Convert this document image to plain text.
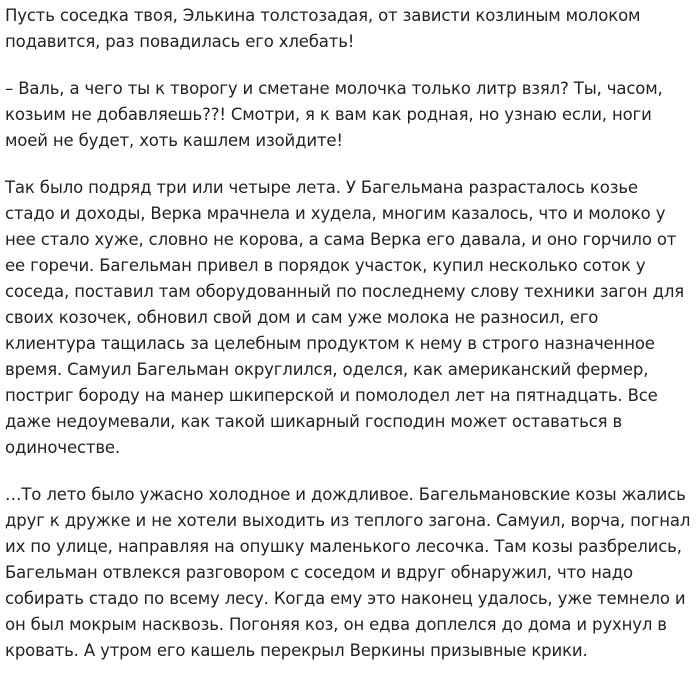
Пусть соседка твоя, Элькина толстозадая, от зависти козлиным молоком
подавится, раз повадилась его хлебать!
– Валь, а чего ты к творогу и сметане молочка только литр взял? Ты, часом,
козьим не добавляешь??! Смотри, я к вам как родная, но узнаю если, ноги
моей не будет, хоть кашлем изойдите!
Так было подряд три или четыре лета. У Багельмана разрасталось козье
стадо и доходы, Верка мрачнела и худела, многим казалось, что и молоко у
нее стало хуже, словно не корова, а сама Верка его давала, и оно горчило от
ее горечи. Багельман привел в порядок участок, купил несколько соток у
соседа, поставил там оборудованный по последнему слову техники загон для
своих козочек, обновил свой дом и сам уже молока не разносил, его
клиентура тащилась за целебным продуктом к нему в строго назначенное
время. Самуил Багельман округлился, оделся, как американский фермер,
постриг бороду на манер шкиперской и помолодел лет на пятнадцать. Все
даже недоумевали, как такой шикарный господин может оставаться в
одиночестве.
…То лето было ужасно холодное и дождливое. Багельмановские козы жались
друг к дружке и не хотели выходить из теплого загона. Самуил, ворча, погнал
их по улице, направляя на опушку маленького лесочка. Там козы разбрелись,
Багельман отвлекся разговором с соседом и вдруг обнаружил, что надо
собирать стадо по всему лесу. Когда ему это наконец удалось, уже темнело и
он был мокрым насквозь. Погоняя коз, он едва доплелся до дома и рухнул в
кровать. А утром его кашель перекрыл Веркины призывные крики.
